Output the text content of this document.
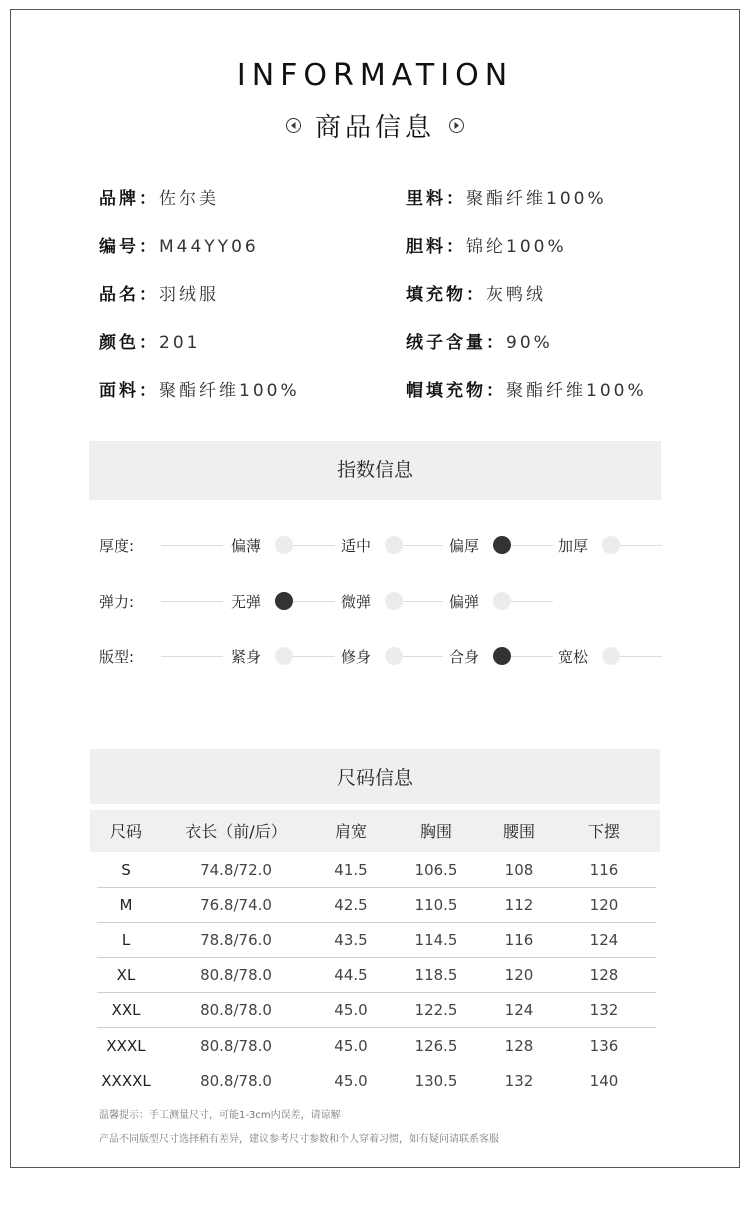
INFORMATION
商品信息
品牌：佐尔美
编号：M44YY06
品名：羽绒服
颜色：201
面料：聚酯纤维100%
里料：聚酯纤维100%
胆料：锦纶100%
填充物：灰鸭绒
绒子含量：90%
帽填充物：聚酯纤维100%
指数信息
厚度:	偏薄	适中	偏厚	加厚
弹力:	无弹	微弹	偏弹
版型:	紧身	修身	合身	宽松
尺码信息
尺码	衣长（前/后）	肩宽	胸围	腰围	下摆
S	74.8/72.0	41.5	106.5	108	116
M	76.8/74.0	42.5	110.5	112	120
L	78.8/76.0	43.5	114.5	116	124
XL	80.8/78.0	44.5	118.5	120	128
XXL	80.8/78.0	45.0	122.5	124	132
XXXL	80.8/78.0	45.0	126.5	128	136
XXXXL	80.8/78.0	45.0	130.5	132	140
温馨提示：手工测量尺寸，可能1-3cm内误差，请谅解
产品不同版型尺寸选择稍有差异，建议参考尺寸参数和个人穿着习惯，如有疑问请联系客服
